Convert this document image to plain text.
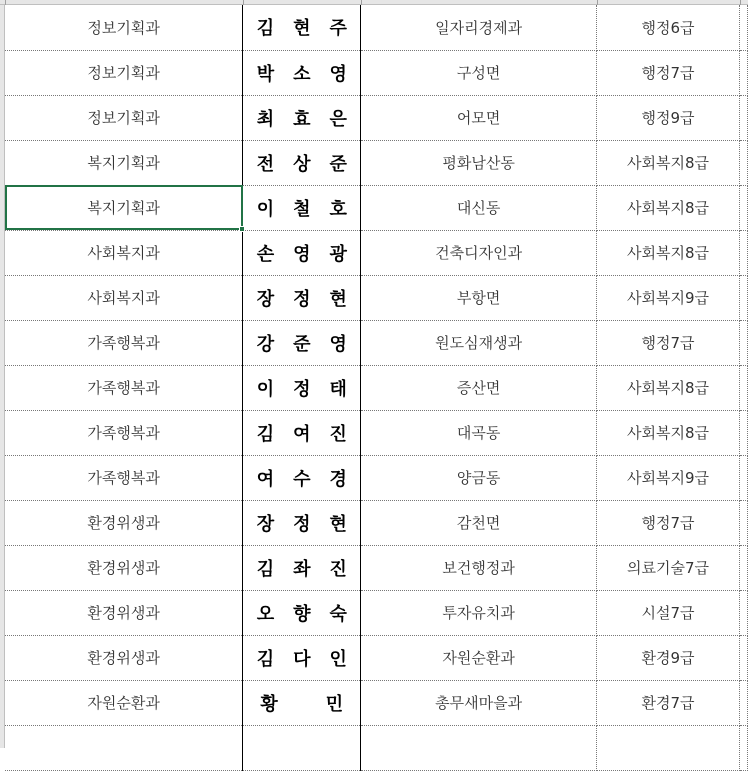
정보기획과	김현주	일자리경제과	행정6급	
정보기획과	박소영	구성면	행정7급	
정보기획과	최효은	어모면	행정9급	
복지기획과	전상준	평화남산동	사회복지8급	
복지기획과	이철호	대신동	사회복지8급	
사회복지과	손영광	건축디자인과	사회복지8급	
사회복지과	장정현	부항면	사회복지9급	
가족행복과	강준영	원도심재생과	행정7급	
가족행복과	이정태	증산면	사회복지8급	
가족행복과	김여진	대곡동	사회복지8급	
가족행복과	여수경	양금동	사회복지9급	
환경위생과	장정현	감천면	행정7급	
환경위생과	김좌진	보건행정과	의료기술7급	
환경위생과	오향숙	투자유치과	시설7급	
환경위생과	김다인	자원순환과	환경9급	
자원순환과	황민	총무새마을과	환경7급	
